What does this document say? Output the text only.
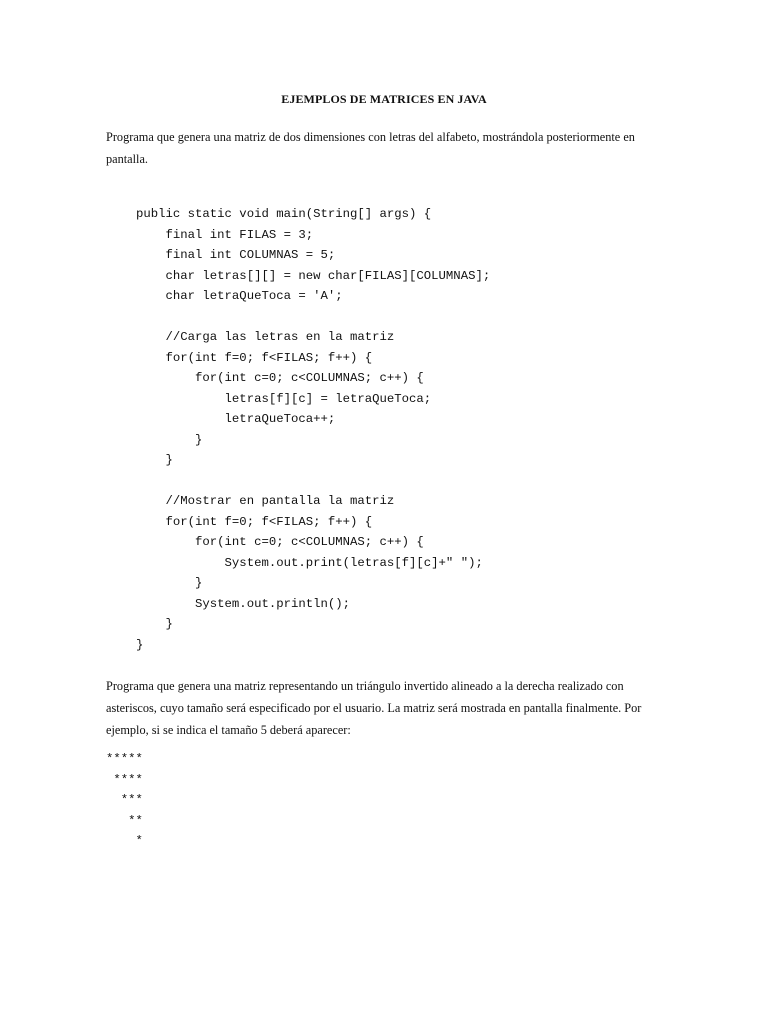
EJEMPLOS DE MATRICES EN JAVA
Programa que genera una matriz de dos dimensiones con letras del alfabeto, mostrándola posteriormente en pantalla.
public static void main(String[] args) {
final int FILAS = 3;
final int COLUMNAS = 5;
char letras[][] = new char[FILAS][COLUMNAS];
char letraQueToca = 'A';
//Carga las letras en la matriz
for(int f=0; f<FILAS; f++) {
for(int c=0; c<COLUMNAS; c++) {
letras[f][c] = letraQueToca;
letraQueToca++;
}
}
//Mostrar en pantalla la matriz
for(int f=0; f<FILAS; f++) {
for(int c=0; c<COLUMNAS; c++) {
System.out.print(letras[f][c]+" ");
}
System.out.println();
}
}
Programa que genera una matriz representando un triángulo invertido alineado a la derecha realizado con asteriscos, cuyo tamaño será especificado por el usuario. La matriz será mostrada en pantalla finalmente. Por ejemplo, si se indica el tamaño 5 deberá aparecer:
*****
****
***
**
*
